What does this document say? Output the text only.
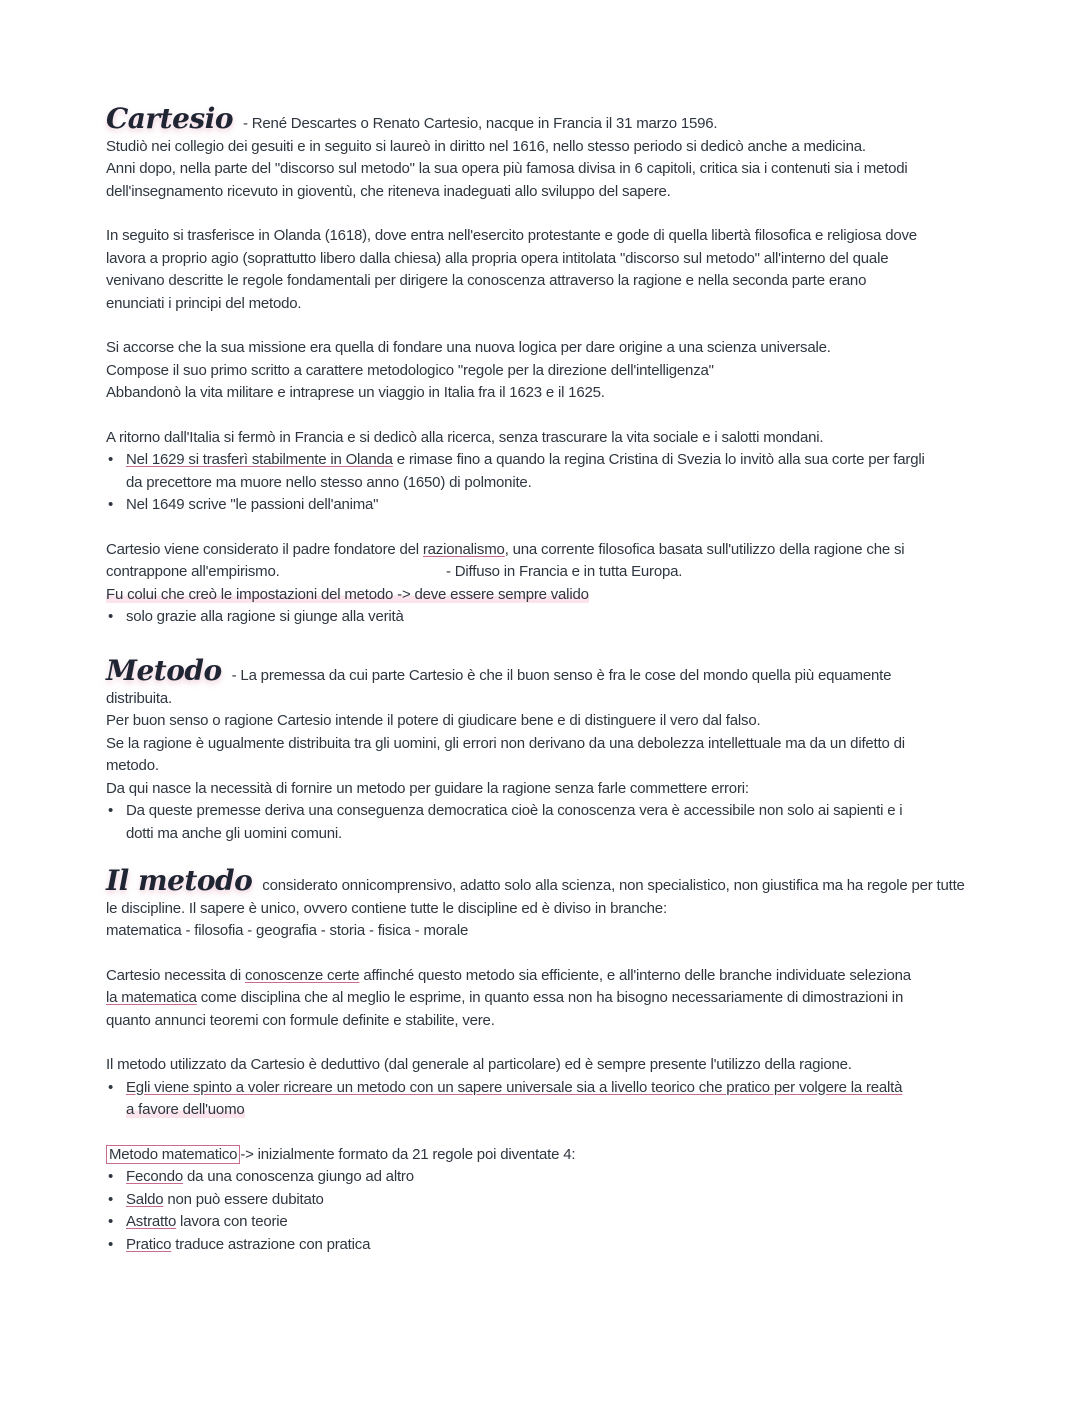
Cartesio - René Descartes o Renato Cartesio, nacque in Francia il 31 marzo 1596.

Studiò nei collegio dei gesuiti e in seguito si laureò in diritto nel 1616, nello stesso periodo si dedicò anche a medicina.

Anni dopo, nella parte del "discorso sul metodo" la sua opera più famosa divisa in 6 capitoli, critica sia i contenuti sia i metodi

dell'insegnamento ricevuto in gioventù, che riteneva inadeguati allo sviluppo del sapere.

In seguito si trasferisce in Olanda (1618), dove entra nell'esercito protestante e gode di quella libertà filosofica e religiosa dove

lavora a proprio agio (soprattutto libero dalla chiesa) alla propria opera intitolata "discorso sul metodo" all'interno del quale

venivano descritte le regole fondamentali per dirigere la conoscenza attraverso la ragione e nella seconda parte erano

enunciati i principi del metodo.

Si accorse che la sua missione era quella di fondare una nuova logica per dare origine a una scienza universale.

Compose il suo primo scritto a carattere metodologico "regole per la direzione dell'intelligenza"

Abbandonò la vita militare e intraprese un viaggio in Italia fra il 1623 e il 1625.

A ritorno dall'Italia si fermò in Francia e si dedicò alla ricerca, senza trascurare la vita sociale e i salotti mondani.

• Nel 1629 si trasferì stabilmente in Olanda e rimase fino a quando la regina Cristina di Svezia lo invitò alla sua corte per fargli
da precettore ma muore nello stesso anno (1650) di polmonite.
• Nel 1649 scrive "le passioni dell'anima"

Cartesio viene considerato il padre fondatore del razionalismo, una corrente filosofica basata sull'utilizzo della ragione che si

contrappone all'empirismo.	- Diffuso in Francia e in tutta Europa.

Fu colui che creò le impostazioni del metodo -> deve essere sempre valido

• solo grazie alla ragione si giunge alla verità
Metodo - La premessa da cui parte Cartesio è che il buon senso è fra le cose del mondo quella più equamente

distribuita.

Per buon senso o ragione Cartesio intende il potere di giudicare bene e di distinguere il vero dal falso.

Se la ragione è ugualmente distribuita tra gli uomini, gli errori non derivano da una debolezza intellettuale ma da un difetto di

metodo.

Da qui nasce la necessità di fornire un metodo per guidare la ragione senza farle commettere errori:

• Da queste premesse deriva una conseguenza democratica cioè la conoscenza vera è accessibile non solo ai sapienti e i
dotti ma anche gli uomini comuni.
Il metodo considerato onnicomprensivo, adatto solo alla scienza, non specialistico, non giustifica ma ha regole per tutte

le discipline. Il sapere è unico, ovvero contiene tutte le discipline ed è diviso in branche:

matematica - filosofia - geografia - storia - fisica - morale

Cartesio necessita di conoscenze certe affinché questo metodo sia efficiente, e all'interno delle branche individuate seleziona

la matematica come disciplina che al meglio le esprime, in quanto essa non ha bisogno necessariamente di dimostrazioni in

quanto annunci teoremi con formule definite e stabilite, vere.

Il metodo utilizzato da Cartesio è deduttivo (dal generale al particolare) ed è sempre presente l'utilizzo della ragione.

• Egli viene spinto a voler ricreare un metodo con un sapere universale sia a livello teorico che pratico per volgere la realtà
a favore dell'uomo

Metodo matematico -> inizialmente formato da 21 regole poi diventate 4:

• Fecondo da una conoscenza giungo ad altro
• Saldo non può essere dubitato
• Astratto lavora con teorie
• Pratico traduce astrazione con pratica
